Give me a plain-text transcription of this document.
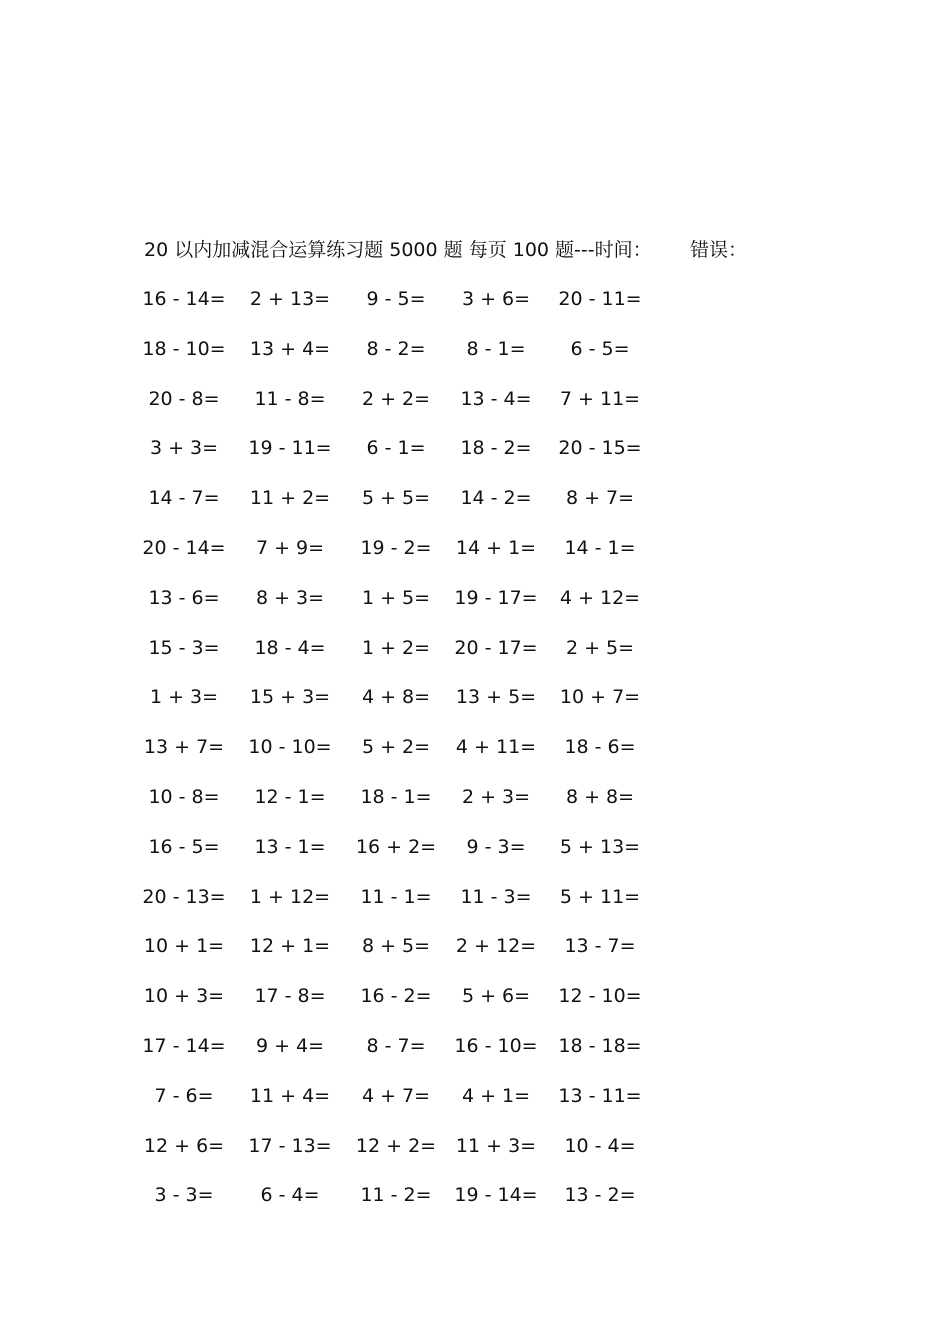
20 以内加减混合运算练习题 5000 题 每页 100 题---时间： 错误：
16 - 14=	2 + 13=	9 - 5=	3 + 6=	20 - 11=
18 - 10=	13 + 4=	8 - 2=	8 - 1=	6 - 5=
20 - 8=	11 - 8=	2 + 2=	13 - 4=	7 + 11=
3 + 3=	19 - 11=	6 - 1=	18 - 2=	20 - 15=
14 - 7=	11 + 2=	5 + 5=	14 - 2=	8 + 7=
20 - 14=	7 + 9=	19 - 2=	14 + 1=	14 - 1=
13 - 6=	8 + 3=	1 + 5=	19 - 17=	4 + 12=
15 - 3=	18 - 4=	1 + 2=	20 - 17=	2 + 5=
1 + 3=	15 + 3=	4 + 8=	13 + 5=	10 + 7=
13 + 7=	10 - 10=	5 + 2=	4 + 11=	18 - 6=
10 - 8=	12 - 1=	18 - 1=	2 + 3=	8 + 8=
16 - 5=	13 - 1=	16 + 2=	9 - 3=	5 + 13=
20 - 13=	1 + 12=	11 - 1=	11 - 3=	5 + 11=
10 + 1=	12 + 1=	8 + 5=	2 + 12=	13 - 7=
10 + 3=	17 - 8=	16 - 2=	5 + 6=	12 - 10=
17 - 14=	9 + 4=	8 - 7=	16 - 10=	18 - 18=
7 - 6=	11 + 4=	4 + 7=	4 + 1=	13 - 11=
12 + 6=	17 - 13=	12 + 2=	11 + 3=	10 - 4=
3 - 3=	6 - 4=	11 - 2=	19 - 14=	13 - 2=
